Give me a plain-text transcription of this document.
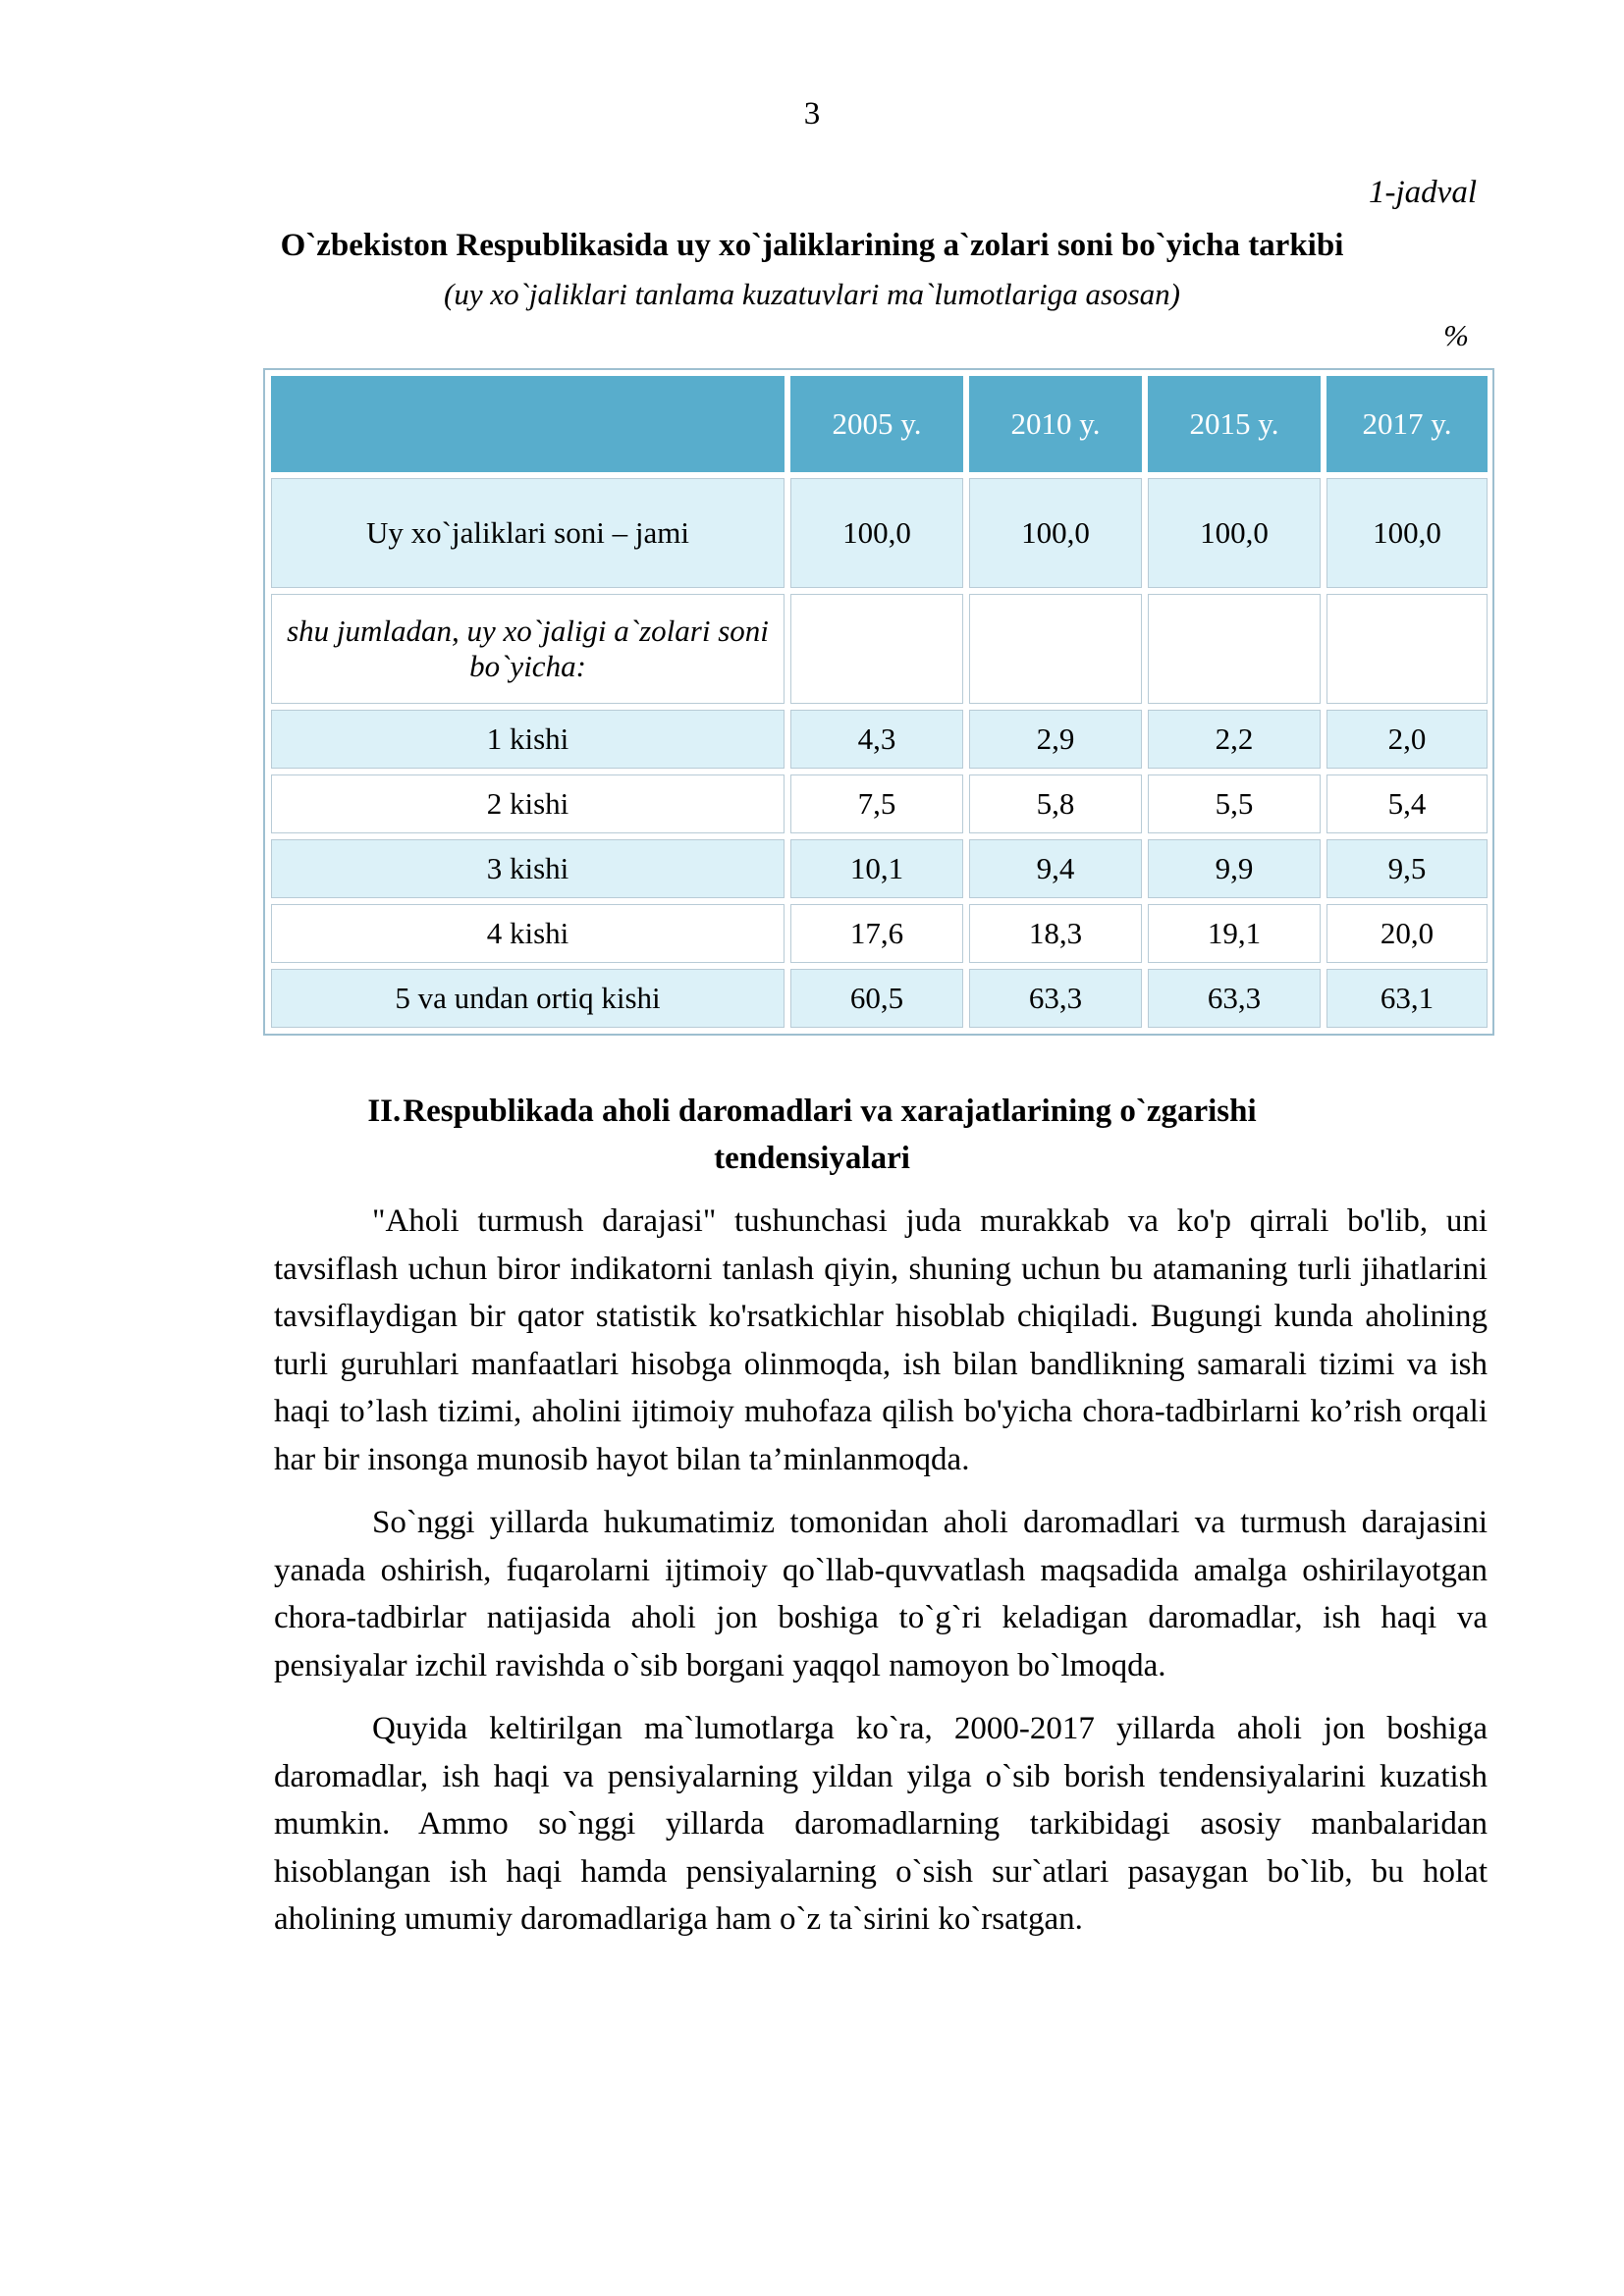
3
1-jadval
O`zbekiston Respublikasida uy xo`jaliklarining a`zolari soni bo`yicha tarkibi
(uy xo`jaliklari tanlama kuzatuvlari ma`lumotlariga asosan)
%
	2005 y.	2010 y.	2015 y.	2017 y.
Uy xo`jaliklari soni – jami	100,0	100,0	100,0	100,0
shu jumladan, uy xo`jaligi a`zolari soni bo`yicha:				
1 kishi	4,3	2,9	2,2	2,0
2 kishi	7,5	5,8	5,5	5,4
3 kishi	10,1	9,4	9,9	9,5
4 kishi	17,6	18,3	19,1	20,0
5 va undan ortiq kishi	60,5	63,3	63,3	63,1
II.Respublikada aholi daromadlari va xarajatlarining o`zgarishi tendensiyalari

"Aholi turmush darajasi" tushunchasi juda murakkab va ko'p qirrali bo'lib, uni tavsiflash uchun biror indikatorni tanlash qiyin, shuning uchun bu atamaning turli jihatlarini tavsiflaydigan bir qator statistik ko'rsatkichlar hisoblab chiqiladi. Bugungi kunda aholining turli guruhlari manfaatlari hisobga olinmoqda, ish bilan bandlikning samarali tizimi va ish haqi to’lash tizimi, aholini ijtimoiy muhofaza qilish bo'yicha chora-tadbirlarni ko’rish orqali har bir insonga munosib hayot bilan ta’minlanmoqda.

So`nggi yillarda hukumatimiz tomonidan aholi daromadlari va turmush darajasini yanada oshirish, fuqarolarni ijtimoiy qo`llab-quvvatlash maqsadida amalga oshirilayotgan chora-tadbirlar natijasida aholi jon boshiga to`g`ri keladigan daromadlar, ish haqi va pensiyalar izchil ravishda o`sib borgani yaqqol namoyon bo`lmoqda.

Quyida keltirilgan ma`lumotlarga ko`ra, 2000-2017 yillarda aholi jon boshiga daromadlar, ish haqi va pensiyalarning yildan yilga o`sib borish tendensiyalarini kuzatish mumkin. Ammo so`nggi yillarda daromadlarning tarkibidagi asosiy manbalaridan hisoblangan ish haqi hamda pensiyalarning o`sish sur`atlari pasaygan bo`lib, bu holat aholining umumiy daromadlariga ham o`z ta`sirini ko`rsatgan.
